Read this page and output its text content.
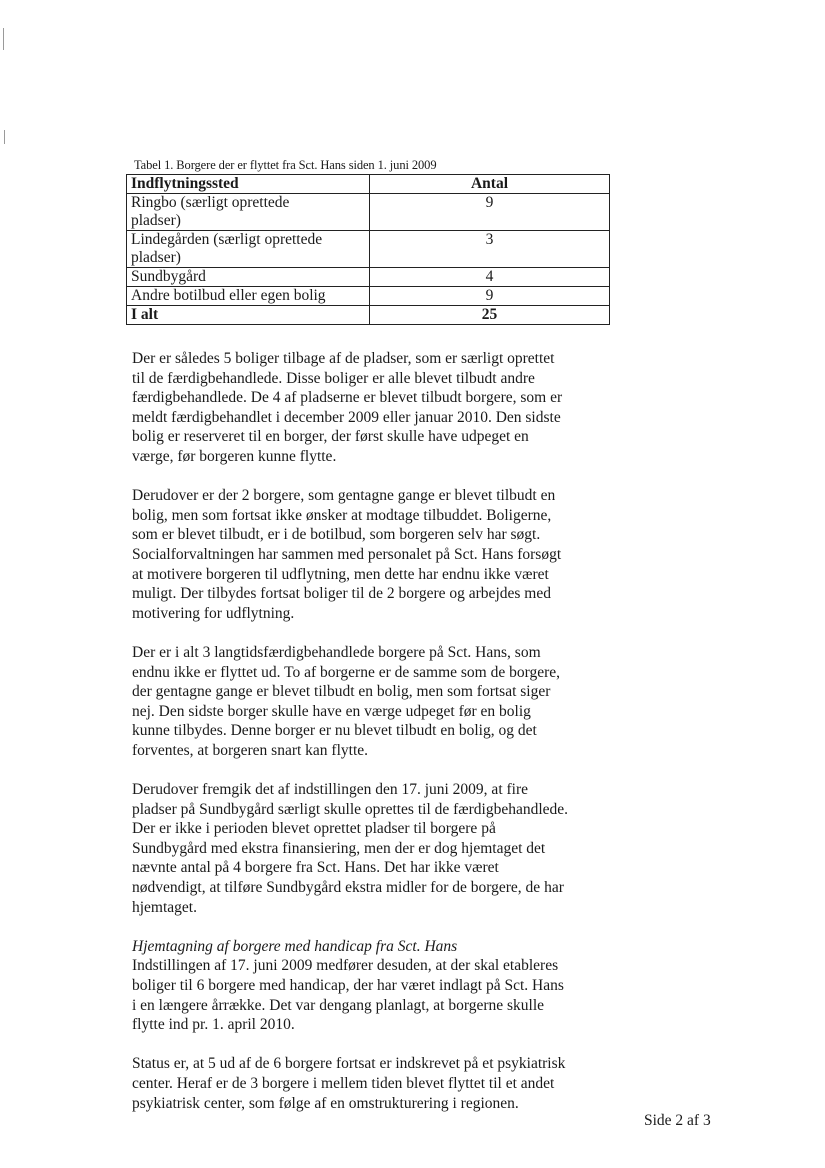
Tabel 1. Borgere der er flyttet fra Sct. Hans siden 1. juni 2009
Indflytningssted	Antal
Ringbo (særligt oprettede
pladser)	9
Lindegården (særligt oprettede
pladser)	3
Sundbygård	4
Andre botilbud eller egen bolig	9
I alt	25

Der er således 5 boliger tilbage af de pladser, som er særligt oprettet
til de færdigbehandlede. Disse boliger er alle blevet tilbudt andre
færdigbehandlede. De 4 af pladserne er blevet tilbudt borgere, som er
meldt færdigbehandlet i december 2009 eller januar 2010. Den sidste
bolig er reserveret til en borger, der først skulle have udpeget en
værge, før borgeren kunne flytte.

Derudover er der 2 borgere, som gentagne gange er blevet tilbudt en
bolig, men som fortsat ikke ønsker at modtage tilbuddet. Boligerne,
som er blevet tilbudt, er i de botilbud, som borgeren selv har søgt.
Socialforvaltningen har sammen med personalet på Sct. Hans forsøgt
at motivere borgeren til udflytning, men dette har endnu ikke været
muligt. Der tilbydes fortsat boliger til de 2 borgere og arbejdes med
motivering for udflytning.

Der er i alt 3 langtidsfærdigbehandlede borgere på Sct. Hans, som
endnu ikke er flyttet ud. To af borgerne er de samme som de borgere,
der gentagne gange er blevet tilbudt en bolig, men som fortsat siger
nej. Den sidste borger skulle have en værge udpeget før en bolig
kunne tilbydes. Denne borger er nu blevet tilbudt en bolig, og det
forventes, at borgeren snart kan flytte.

Derudover fremgik det af indstillingen den 17. juni 2009, at fire
pladser på Sundbygård særligt skulle oprettes til de færdigbehandlede.
Der er ikke i perioden blevet oprettet pladser til borgere på
Sundbygård med ekstra finansiering, men der er dog hjemtaget det
nævnte antal på 4 borgere fra Sct. Hans. Det har ikke været
nødvendigt, at tilføre Sundbygård ekstra midler for de borgere, de har
hjemtaget.

Hjemtagning af borgere med handicap fra Sct. Hans

Indstillingen af 17. juni 2009 medfører desuden, at der skal etableres
boliger til 6 borgere med handicap, der har været indlagt på Sct. Hans
i en længere årrække. Det var dengang planlagt, at borgerne skulle
flytte ind pr. 1. april 2010.

Status er, at 5 ud af de 6 borgere fortsat er indskrevet på et psykiatrisk
center. Heraf er de 3 borgere i mellem tiden blevet flyttet til et andet
psykiatrisk center, som følge af en omstrukturering i regionen.

Side 2 af 3
